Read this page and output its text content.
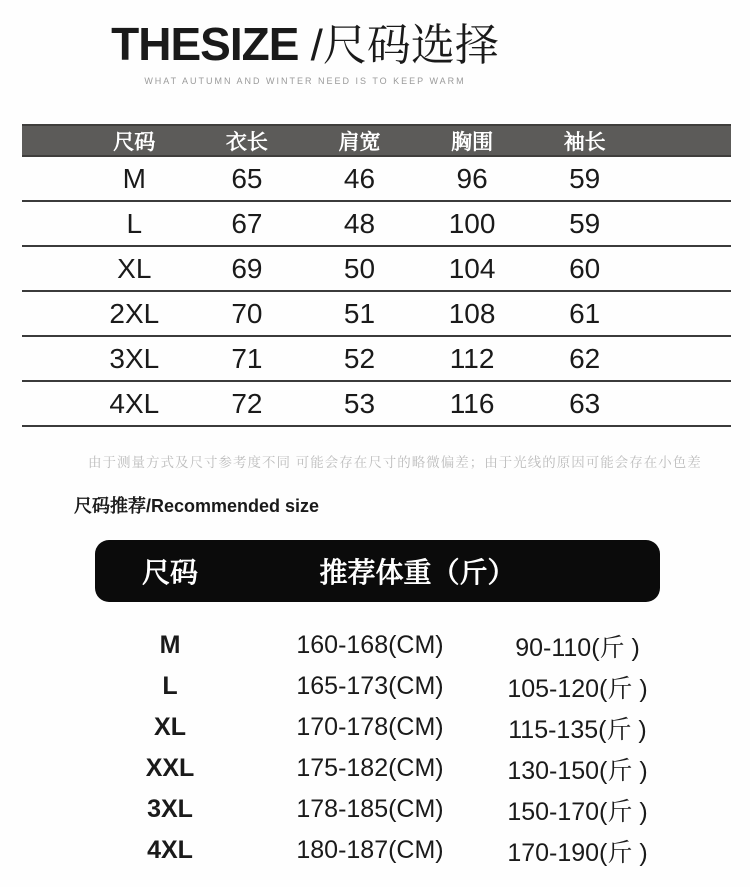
THESIZE /尺码选择
WHAT AUTUMN AND WINTER NEED IS TO KEEP WARM
尺码	衣长	肩宽	胸围	袖长
M	65	46	96	59
L	67	48	100	59
XL	69	50	104	60
2XL	70	51	108	61
3XL	71	52	112	62
4XL	72	53	116	63
由于测量方式及尺寸参考度不同 可能会存在尺寸的略微偏差；由于光线的原因可能会存在小色差
尺码推荐/Recommended size
尺码	推荐体重（斤）
M	160-168(CM)	90-110(斤 )
L	165-173(CM)	105-120(斤 )
XL	170-178(CM)	115-135(斤 )
XXL	175-182(CM)	130-150(斤 )
3XL	178-185(CM)	150-170(斤 )
4XL	180-187(CM)	170-190(斤 )
